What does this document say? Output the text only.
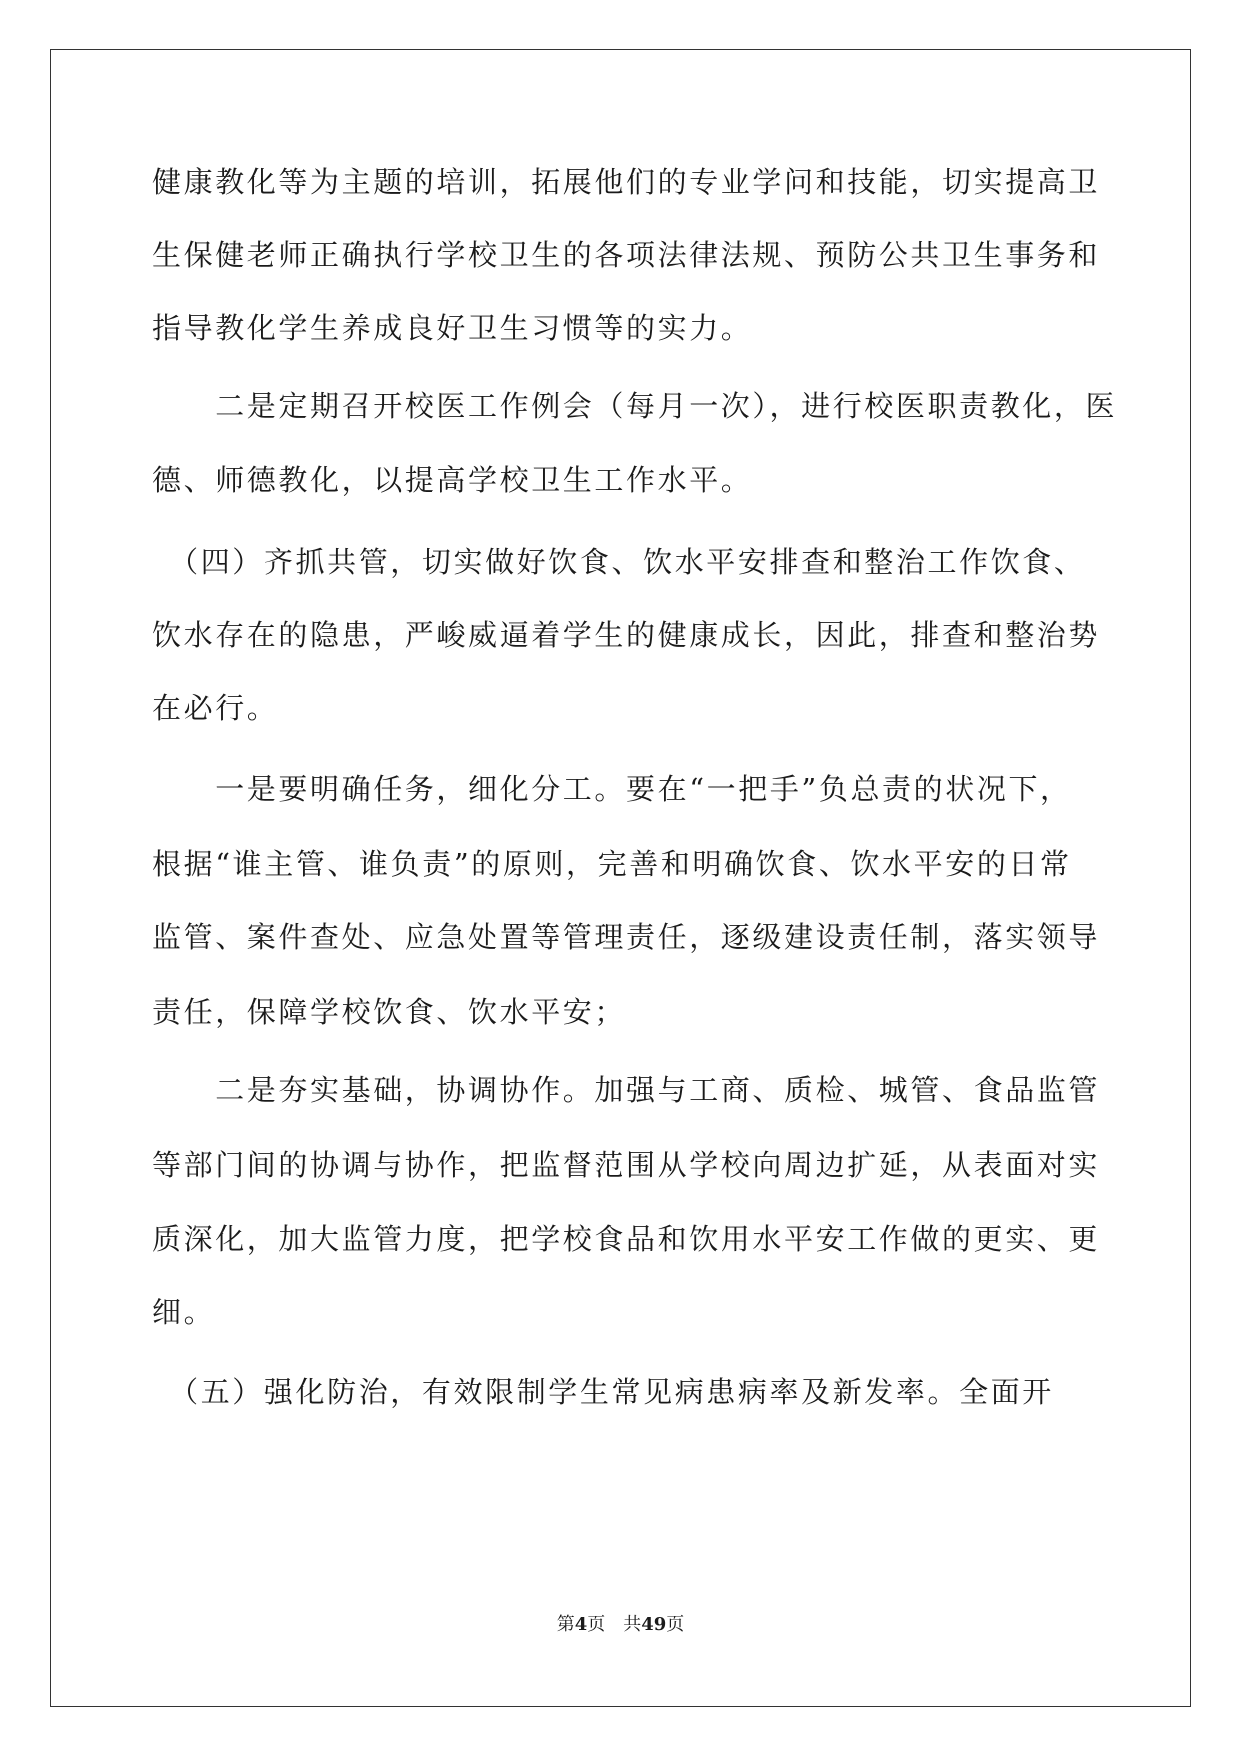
健康教化等为主题的培训，拓展他们的专业学问和技能，切实提高卫
生保健老师正确执行学校卫生的各项法律法规、预防公共卫生事务和
指导教化学生养成良好卫生习惯等的实力。
　　二是定期召开校医工作例会（每月一次），进行校医职责教化，医
德、师德教化，以提高学校卫生工作水平。
　（四）齐抓共管，切实做好饮食、饮水平安排查和整治工作饮食、
饮水存在的隐患，严峻威逼着学生的健康成长，因此，排查和整治势
在必行。
　　一是要明确任务，细化分工。要在“一把手”负总责的状况下，
根据“谁主管、谁负责”的原则，完善和明确饮食、饮水平安的日常
监管、案件查处、应急处置等管理责任，逐级建设责任制，落实领导
责任，保障学校饮食、饮水平安；
　　二是夯实基础，协调协作。加强与工商、质检、城管、食品监管
等部门间的协调与协作，把监督范围从学校向周边扩延，从表面对实
质深化，加大监管力度，把学校食品和饮用水平安工作做的更实、更
细。
　（五）强化防治，有效限制学生常见病患病率及新发率。全面开
第4页 共49页
